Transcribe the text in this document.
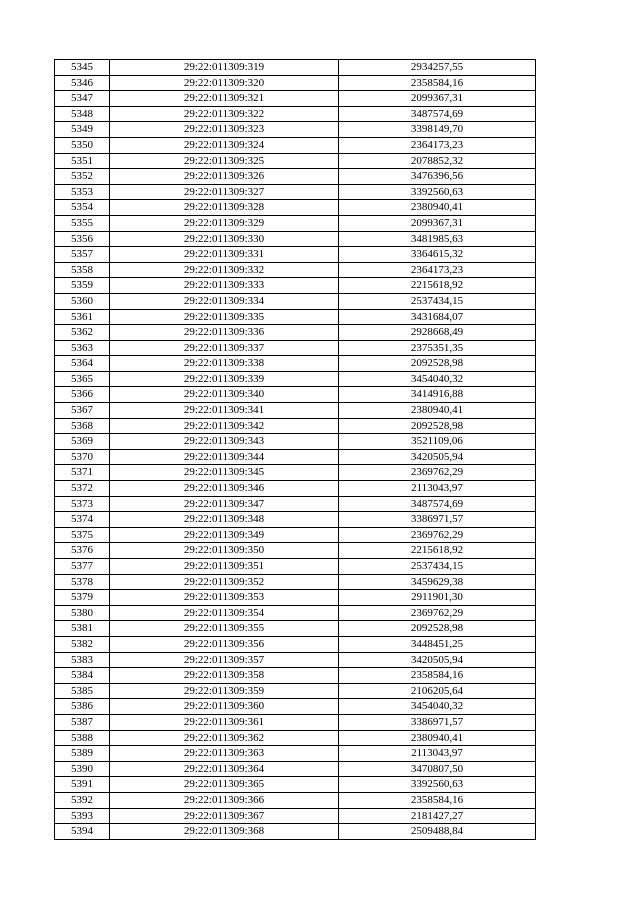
5345	29:22:011309:319	2934257,55
5346	29:22:011309:320	2358584,16
5347	29:22:011309:321	2099367,31
5348	29:22:011309:322	3487574,69
5349	29:22:011309:323	3398149,70
5350	29:22:011309:324	2364173,23
5351	29:22:011309:325	2078852,32
5352	29:22:011309:326	3476396,56
5353	29:22:011309:327	3392560,63
5354	29:22:011309:328	2380940,41
5355	29:22:011309:329	2099367,31
5356	29:22:011309:330	3481985,63
5357	29:22:011309:331	3364615,32
5358	29:22:011309:332	2364173,23
5359	29:22:011309:333	2215618,92
5360	29:22:011309:334	2537434,15
5361	29:22:011309:335	3431684,07
5362	29:22:011309:336	2928668,49
5363	29:22:011309:337	2375351,35
5364	29:22:011309:338	2092528,98
5365	29:22:011309:339	3454040,32
5366	29:22:011309:340	3414916,88
5367	29:22:011309:341	2380940,41
5368	29:22:011309:342	2092528,98
5369	29:22:011309:343	3521109,06
5370	29:22:011309:344	3420505,94
5371	29:22:011309:345	2369762,29
5372	29:22:011309:346	2113043,97
5373	29:22:011309:347	3487574,69
5374	29:22:011309:348	3386971,57
5375	29:22:011309:349	2369762,29
5376	29:22:011309:350	2215618,92
5377	29:22:011309:351	2537434,15
5378	29:22:011309:352	3459629,38
5379	29:22:011309:353	2911901,30
5380	29:22:011309:354	2369762,29
5381	29:22:011309:355	2092528,98
5382	29:22:011309:356	3448451,25
5383	29:22:011309:357	3420505,94
5384	29:22:011309:358	2358584,16
5385	29:22:011309:359	2106205,64
5386	29:22:011309:360	3454040,32
5387	29:22:011309:361	3386971,57
5388	29:22:011309:362	2380940,41
5389	29:22:011309:363	2113043,97
5390	29:22:011309:364	3470807,50
5391	29:22:011309:365	3392560,63
5392	29:22:011309:366	2358584,16
5393	29:22:011309:367	2181427,27
5394	29:22:011309:368	2509488,84
